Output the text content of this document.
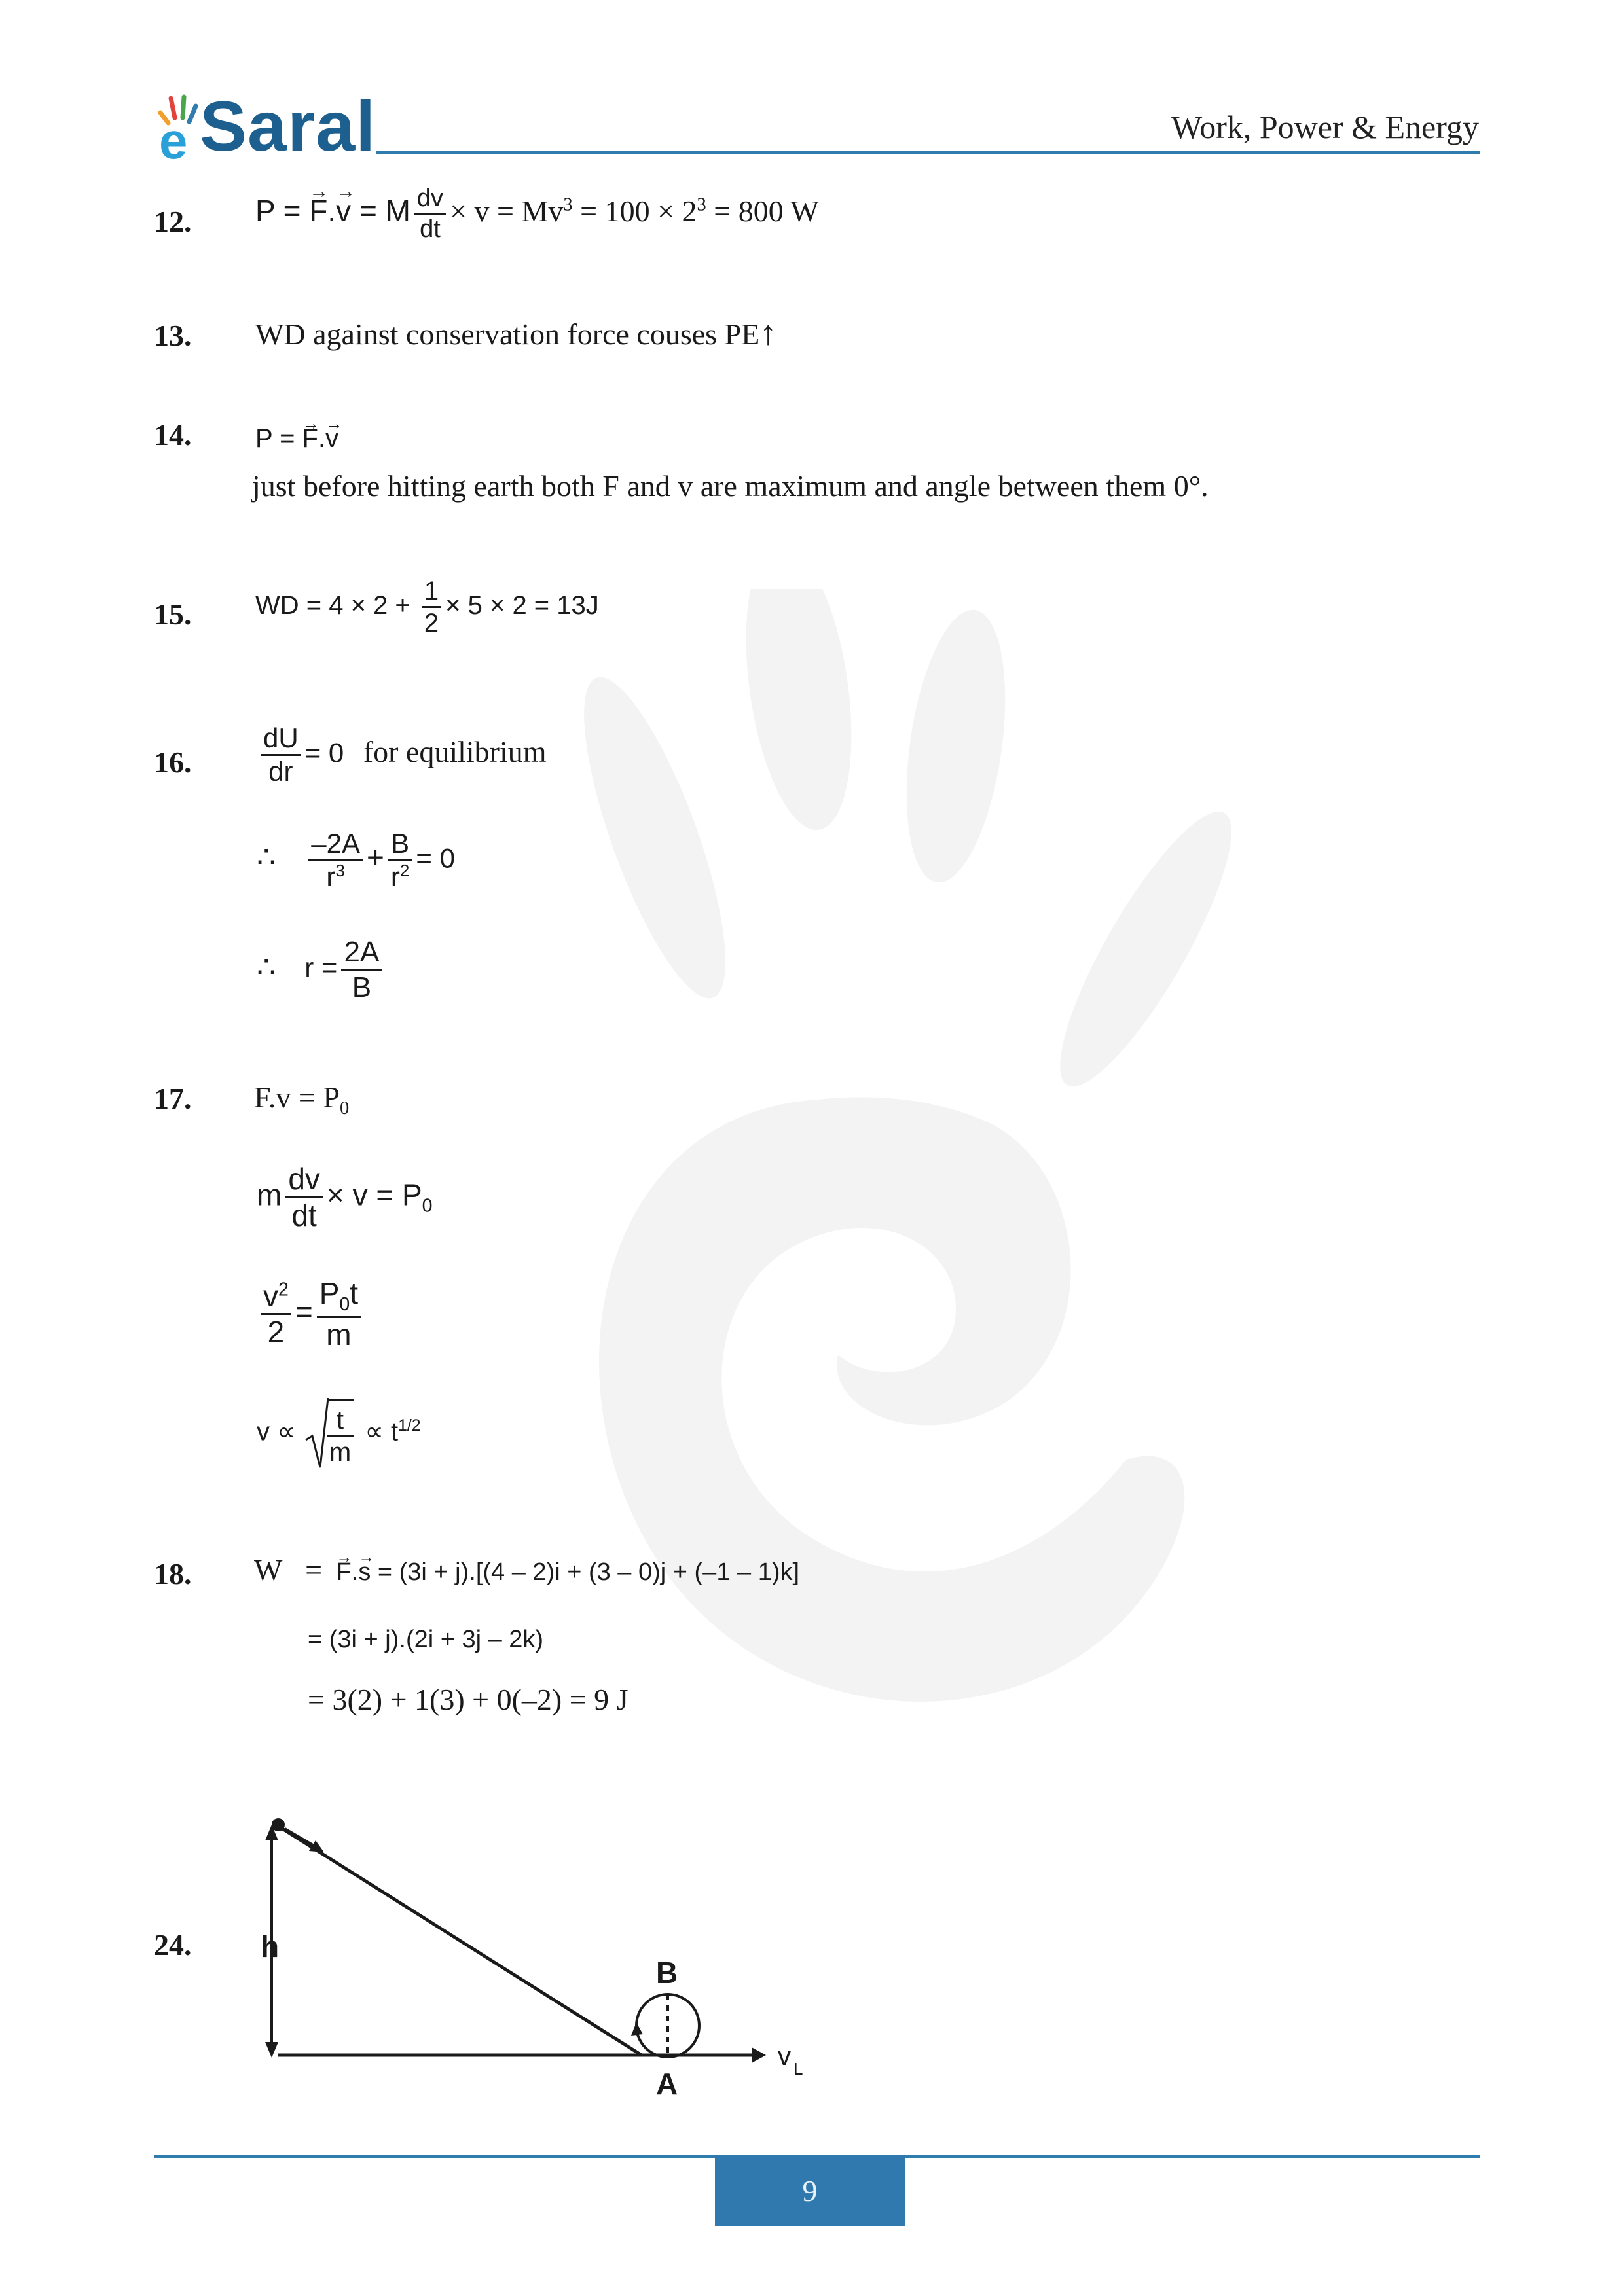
e Saral	Work, Power & Energy
12. P = F →.v → = M $\frac{dv}{dt} \times v = Mv^3 = 100 \times 2^3 = 800$ W
13. WD against conservation force couses PE↑
14. P = F →.v →
just before hitting earth both F and v are maximum and angle between them 0°.
15. WD = $4 \times 2 + \frac{1}{2} \times 5 \times 2 = 13J$
16.	$\frac{dU}{dr} = 0$ for equilibrium
∴ $\frac{-2A}{r^3} + \frac{B}{r^2} = 0$
∴ $r = \frac{2A}{B}$
17. $F.v = P_0$
m $\frac{dv}{dt} \times v = P_0$
$\frac{v^2}{2} = \frac{P_0t}{m}$
$v \propto \frac{t}{m} \propto t^{1/2}$
18. W = F →.s → = (3i + j).[(4 – 2)i + (3 – 0)j + (–1 – 1)k]
= (3i + j).(2i + 3j – 2k)
= 3(2) + 1(3) + 0(–2) = 9 J
24. h
B
A
v L
9
